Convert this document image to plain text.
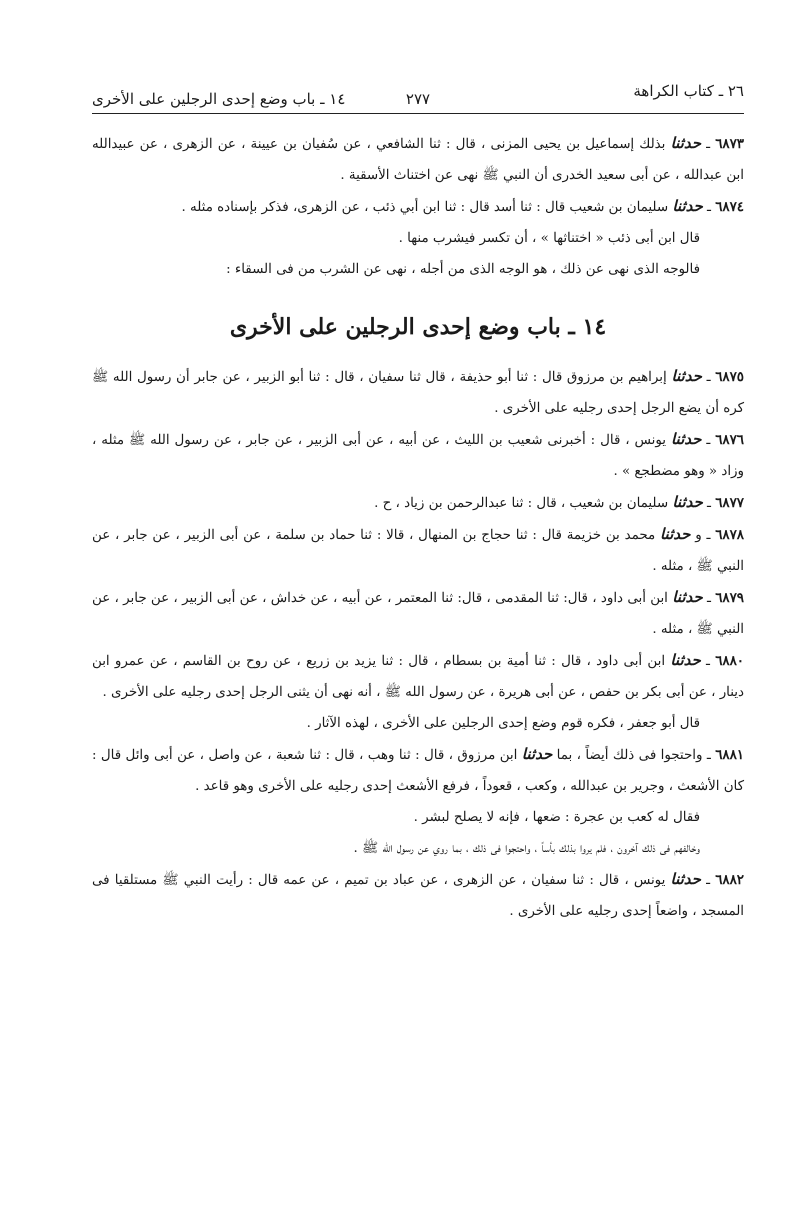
٢٦ ـ كتاب الكراهة
٢٧٧
١٤ ـ باب وضع إحدى الرجلين على الأخرى

٦٨٧٣ ـ حدثنا بذلك إسماعيل بن يحيى المزنى ، قال : ثنا الشافعي ، عن سُفيان بن عيينة ، عن الزهرى ، عن عبيدالله ابن عبدالله ، عن أبى سعيد الخدرى أن النبي ﷺ نهى عن اختناث الأسقية .

٦٨٧٤ ـ حدثنا سليمان بن شعيب قال : ثنا أسد قال : ثنا ابن أبي ذئب ، عن الزهرى، فذكر بإسناده مثله .

قال ابن أبى ذئب « اختناثها » ، أن تكسر فيشرب منها .

فالوجه الذى نهى عن ذلك ، هو الوجه الذى من أجله ، نهى عن الشرب من فى السقاء :

١٤ ـ باب وضع إحدى الرجلين على الأخرى

٦٨٧٥ ـ حدثنا إبراهيم بن مرزوق قال : ثنا أبو حذيفة ، قال ثنا سفيان ، قال : ثنا أبو الزبير ، عن جابر أن رسول الله ﷺ كره أن يضع الرجل إحدى رجليه على الأخرى .

٦٨٧٦ ـ حدثنا يونس ، قال : أخبرنى شعيب بن الليث ، عن أبيه ، عن أبى الزبير ، عن جابر ، عن رسول الله ﷺ مثله ، وزاد « وهو مضطجع » .

٦٨٧٧ ـ حدثنا سليمان بن شعيب ، قال : ثنا عبدالرحمن بن زياد ، ح .

٦٨٧٨ ـ و حدثنا محمد بن خزيمة قال : ثنا حجاج بن المنهال ، قالا : ثنا حماد بن سلمة ، عن أبى الزبير ، عن جابر ، عن النبي ﷺ ، مثله .

٦٨٧٩ ـ حدثنا ابن أبى داود ، قال: ثنا المقدمى ، قال: ثنا المعتمر ، عن أبيه ، عن خداش ، عن أبى الزبير ، عن جابر ، عن النبي ﷺ ، مثله .

٦٨٨٠ ـ حدثنا ابن أبى داود ، قال : ثنا أمية بن بسطام ، قال : ثنا يزيد بن زريع ، عن روح بن القاسم ، عن عمرو ابن دينار ، عن أبى بكر بن حفص ، عن أبى هريرة ، عن رسول الله ﷺ ، أنه نهى أن يثنى الرجل إحدى رجليه على الأخرى .

قال أبو جعفر ، فكره قوم وضع إحدى الرجلين على الأخرى ، لهذه الآثار .

٦٨٨١ ـ واحتجوا فى ذلك أيضاً ، بما حدثنا ابن مرزوق ، قال : ثنا وهب ، قال : ثنا شعبة ، عن واصل ، عن أبى وائل قال : كان الأشعث ، وجرير بن عبدالله ، وكعب ، قعوداً ، فرفع الأشعث إحدى رجليه على الأخرى وهو قاعد .

فقال له كعب بن عجرة : ضعها ، فإنه لا يصلح لبشر .

وخالفهم فى ذلك آخرون ، فلم يروا بذلك بأساً ، واحتجوا فى ذلك ، بما روي عن رسول الله ﷺ .

٦٨٨٢ ـ حدثنا يونس ، قال : ثنا سفيان ، عن الزهرى ، عن عباد بن تميم ، عن عمه قال : رأيت النبي ﷺ مستلقيا فى المسجد ، واضعاً إحدى رجليه على الأخرى .
